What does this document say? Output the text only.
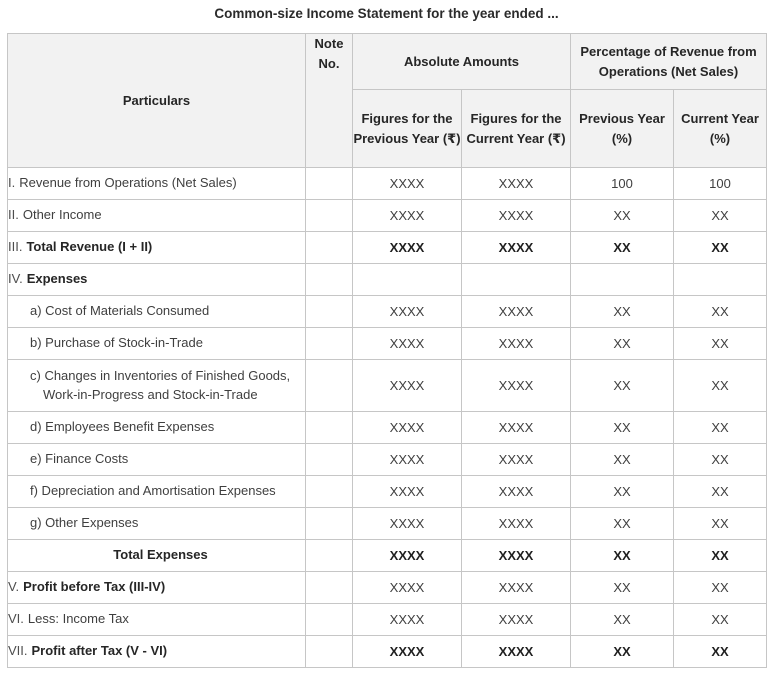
Common-size Income Statement for the year ended ...
Particulars	Note No.	Absolute Amounts		Percentage of Revenue from Operations (Net Sales)	
		Figures for the Previous Year (₹)	Figures for the Current Year (₹)	Previous Year (%)	Current Year (%)
I. Revenue from Operations (Net Sales)		XXXX	XXXX	100	100
II. Other Income		XXXX	XXXX	XX	XX
III. Total Revenue (I + II)		XXXX	XXXX	XX	XX
IV. Expenses					
a) Cost of Materials Consumed		XXXX	XXXX	XX	XX
b) Purchase of Stock-in-Trade		XXXX	XXXX	XX	XX

c) Changes in Inventories of Finished Goods,
Work-in-Progress and Stock-in-Trade		XXXX	XXXX	XX	XX
d) Employees Benefit Expenses		XXXX	XXXX	XX	XX
e) Finance Costs		XXXX	XXXX	XX	XX
f) Depreciation and Amortisation Expenses		XXXX	XXXX	XX	XX
g) Other Expenses		XXXX	XXXX	XX	XX
Total Expenses		XXXX	XXXX	XX	XX
V. Profit before Tax (III-IV)		XXXX	XXXX	XX	XX
VI. Less: Income Tax		XXXX	XXXX	XX	XX
VII. Profit after Tax (V - VI)		XXXX	XXXX	XX	XX
